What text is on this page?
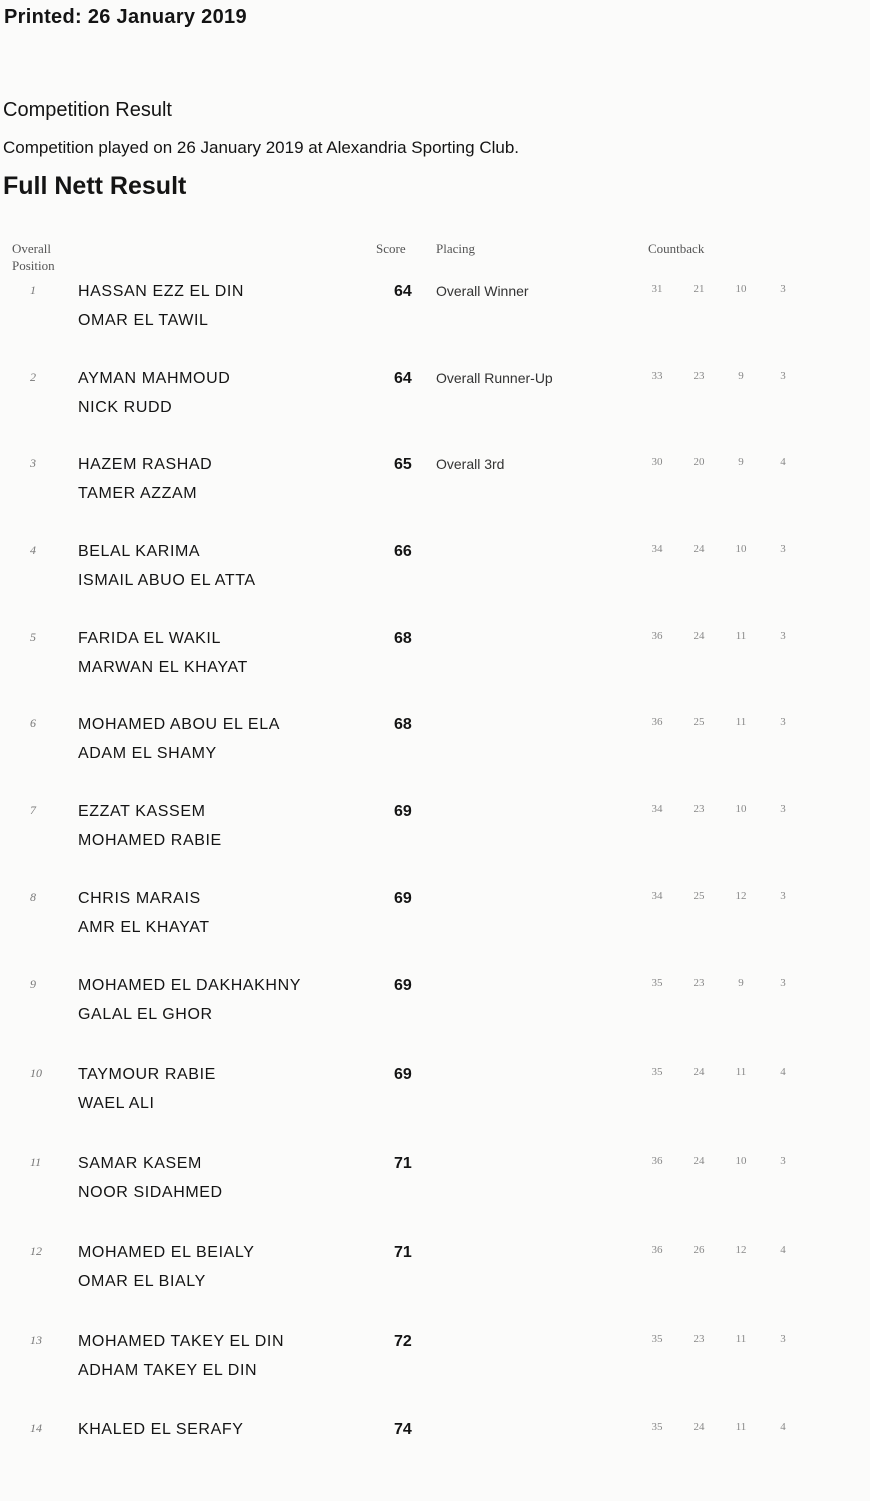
Printed: 26 January 2019
Competition Result
Competition played on 26 January 2019 at Alexandria Sporting Club.
Full Nett Result
Overall
Position
Score Placing	Countback
1	HASSAN EZZ EL DIN
OMAR EL TAWIL
64 Overall Winner	31	21	10	3
2	AYMAN MAHMOUD
NICK RUDD
64 Overall Runner-Up	33	23	9	3
3	HAZEM RASHAD
TAMER AZZAM
65 Overall 3rd	30	20	9	4
4	BELAL KARIMA
ISMAIL ABUO EL ATTA
66	34	24	10	3
5	FARIDA EL WAKIL
MARWAN EL KHAYAT
68	36	24	11	3
6	MOHAMED ABOU EL ELA
ADAM EL SHAMY
68	36	25	11	3
7	EZZAT KASSEM
MOHAMED RABIE
69	34	23	10	3
8	CHRIS MARAIS
AMR EL KHAYAT
69	34	25	12	3
9	MOHAMED EL DAKHAKHNY
GALAL EL GHOR
69	35	23	9	3
10	TAYMOUR RABIE
WAEL ALI
69	35	24	11	4
11	SAMAR KASEM
NOOR SIDAHMED
71	36	24	10	3
12	MOHAMED EL BEIALY
OMAR EL BIALY
71	36	26	12	4
13	MOHAMED TAKEY EL DIN
ADHAM TAKEY EL DIN
72	35	23	11	3
14	KHALED EL SERAFY	74	35	24	11	4
